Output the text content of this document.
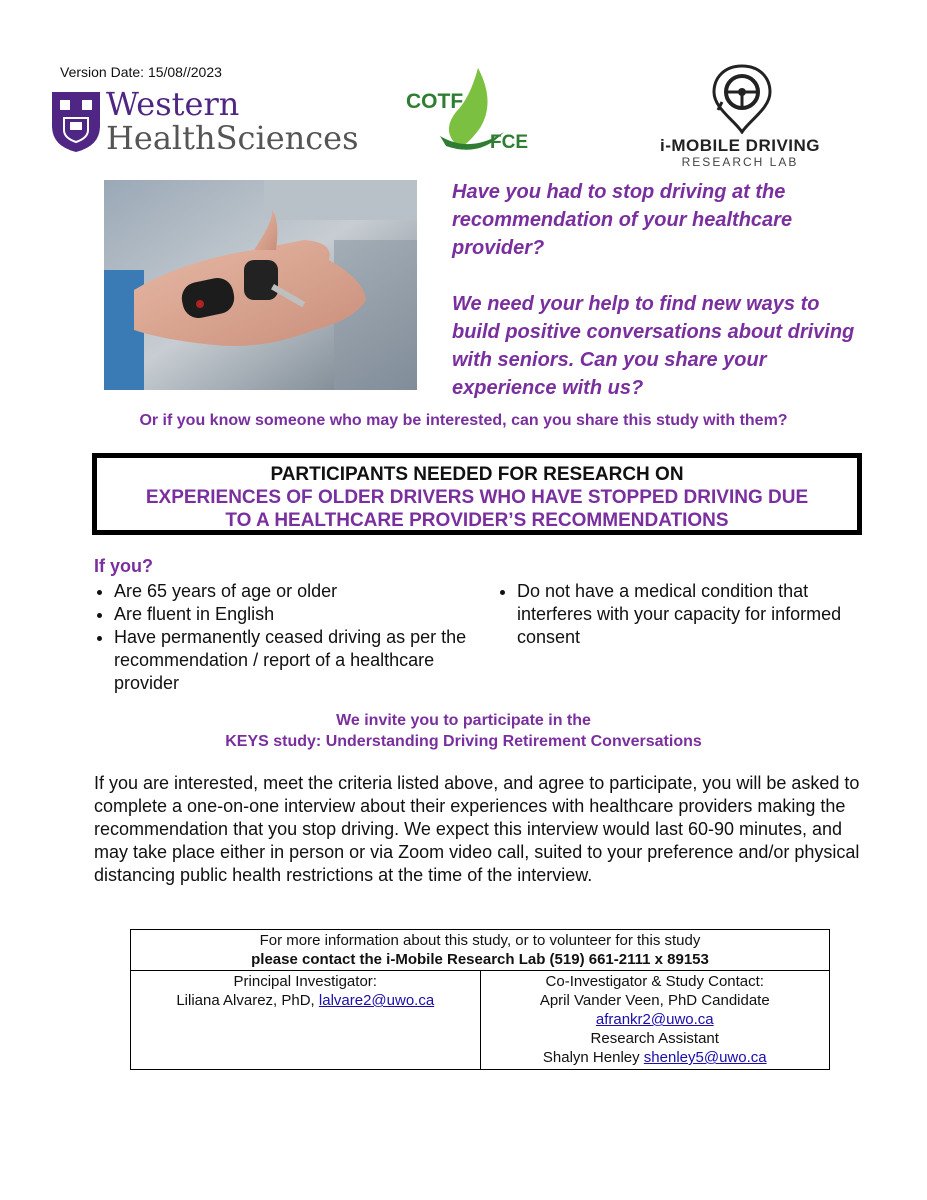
Version Date: 15/08//2023
Western
HealthSciences
COTF
FCE	i-MOBILE DRIVING
RESEARCH LAB

Have you had to stop driving at the recommendation of your healthcare provider?

We need your help to find new ways to build positive conversations about driving with seniors. Can you share your experience with us?

Or if you know someone who may be interested, can you share this study with them?
PARTICIPANTS NEEDED FOR RESEARCH ON
EXPERIENCES OF OLDER DRIVERS WHO HAVE STOPPED DRIVING DUE
TO A HEALTHCARE PROVIDER’S RECOMMENDATIONS
If you?
• Are 65 years of age or older
• Are fluent in English
• Have permanently ceased driving as per the recommendation / report of a healthcare provider
• Do not have a medical condition that interferes with your capacity for informed consent
We invite you to participate in the
KEYS study: Understanding Driving Retirement Conversations
If you are interested, meet the criteria listed above, and agree to participate, you will be asked to complete a one-on-one interview about their experiences with healthcare providers making the recommendation that you stop driving. We expect this interview would last 60-90 minutes, and may take place either in person or via Zoom video call, suited to your preference and/or physical distancing public health restrictions at the time of the interview.
For more information about this study, or to volunteer for this study
please contact the i-Mobile Research Lab (519) 661-2111 x 89153

Principal Investigator:
Liliana Alvarez, PhD, lalvare2@uwo.ca

Co-Investigator & Study Contact:
April Vander Veen, PhD Candidate
afrankr2@uwo.ca
Research Assistant
Shalyn Henley shenley5@uwo.ca
